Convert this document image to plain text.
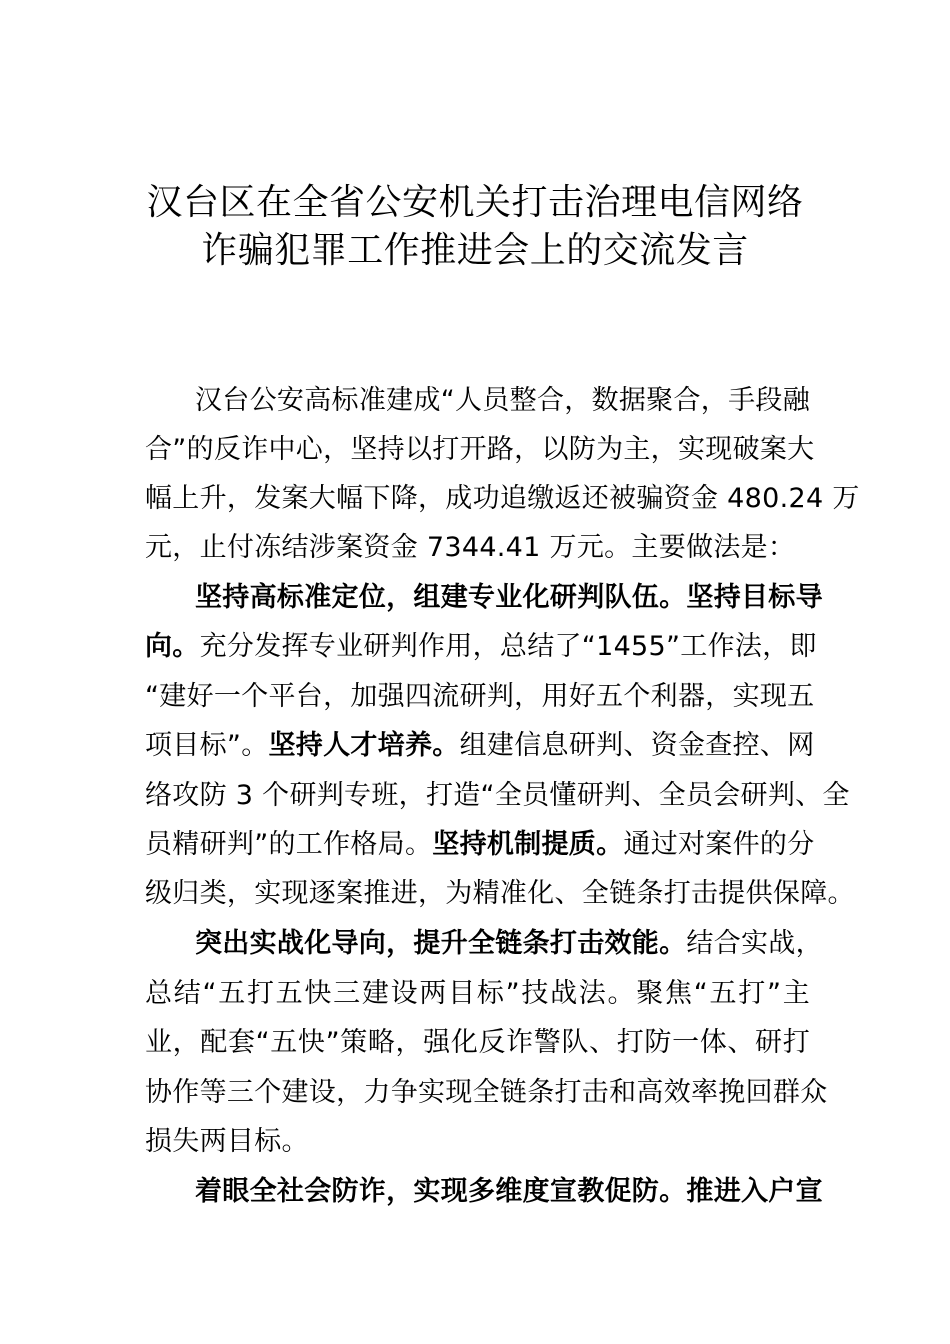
汉台区在全省公安机关打击治理电信网络
诈骗犯罪工作推进会上的交流发言
汉台公安高标准建成“人员整合，数据聚合，手段融
合”的反诈中心，坚持以打开路，以防为主，实现破案大
幅上升，发案大幅下降，成功追缴返还被骗资金 480.24 万
元，止付冻结涉案资金 7344.41 万元。主要做法是：
坚持高标准定位，组建专业化研判队伍。坚持目标导
向。充分发挥专业研判作用，总结了“1455”工作法，即
“建好一个平台，加强四流研判，用好五个利器，实现五
项目标”。坚持人才培养。组建信息研判、资金查控、网
络攻防 3 个研判专班，打造“全员懂研判、全员会研判、全
员精研判”的工作格局。坚持机制提质。通过对案件的分
级归类，实现逐案推进，为精准化、全链条打击提供保障。
突出实战化导向，提升全链条打击效能。结合实战，
总结“五打五快三建设两目标”技战法。聚焦“五打”主
业，配套“五快”策略，强化反诈警队、打防一体、研打
协作等三个建设，力争实现全链条打击和高效率挽回群众
损失两目标。
着眼全社会防诈，实现多维度宣教促防。推进入户宣
